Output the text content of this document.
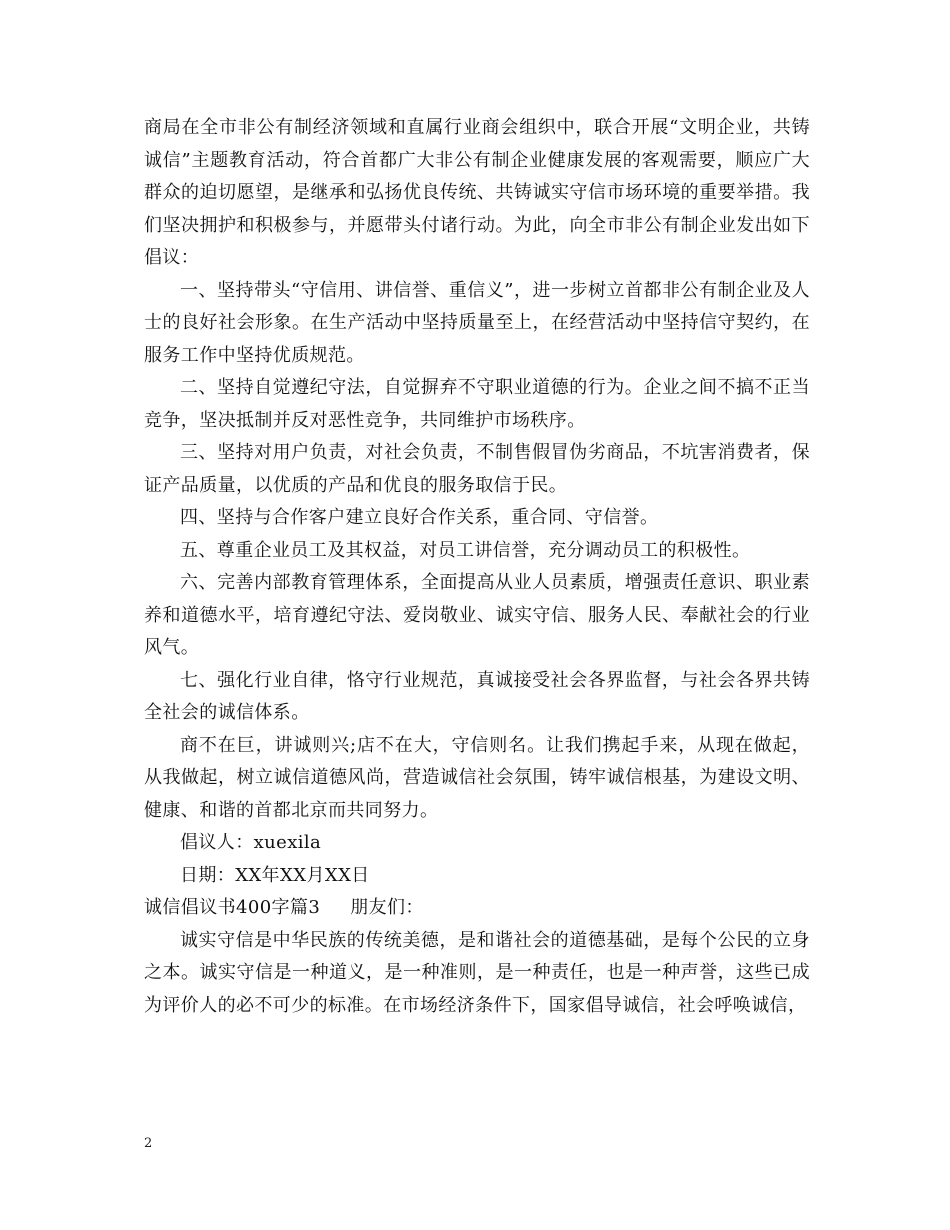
商局在全市非公有制经济领域和直属行业商会组织中，联合开展“文明企业，共铸诚信”主题教育活动，符合首都广大非公有制企业健康发展的客观需要，顺应广大群众的迫切愿望，是继承和弘扬优良传统、共铸诚实守信市场环境的重要举措。我们坚决拥护和积极参与，并愿带头付诸行动。为此，向全市非公有制企业发出如下倡议：

一、坚持带头“守信用、讲信誉、重信义”，进一步树立首都非公有制企业及人士的良好社会形象。在生产活动中坚持质量至上，在经营活动中坚持信守契约，在服务工作中坚持优质规范。

二、坚持自觉遵纪守法，自觉摒弃不守职业道德的行为。企业之间不搞不正当竞争，坚决抵制并反对恶性竞争，共同维护市场秩序。

三、坚持对用户负责，对社会负责，不制售假冒伪劣商品，不坑害消费者，保证产品质量，以优质的产品和优良的服务取信于民。

四、坚持与合作客户建立良好合作关系，重合同、守信誉。

五、尊重企业员工及其权益，对员工讲信誉，充分调动员工的积极性。

六、完善内部教育管理体系，全面提高从业人员素质，增强责任意识、职业素养和道德水平，培育遵纪守法、爱岗敬业、诚实守信、服务人民、奉献社会的行业风气。

七、强化行业自律，恪守行业规范，真诚接受社会各界监督，与社会各界共铸全社会的诚信体系。

商不在巨，讲诚则兴;店不在大，守信则名。让我们携起手来，从现在做起，从我做起，树立诚信道德风尚，营造诚信社会氛围，铸牢诚信根基，为建设文明、健康、和谐的首都北京而共同努力。

倡议人：xuexila

日期：XX年XX月XX日

诚信倡议书400字篇3 朋友们：

诚实守信是中华民族的传统美德，是和谐社会的道德基础，是每个公民的立身之本。诚实守信是一种道义，是一种准则，是一种责任，也是一种声誉，这些已成为评价人的必不可少的标准。在市场经济条件下，国家倡导诚信，社会呼唤诚信，

2
